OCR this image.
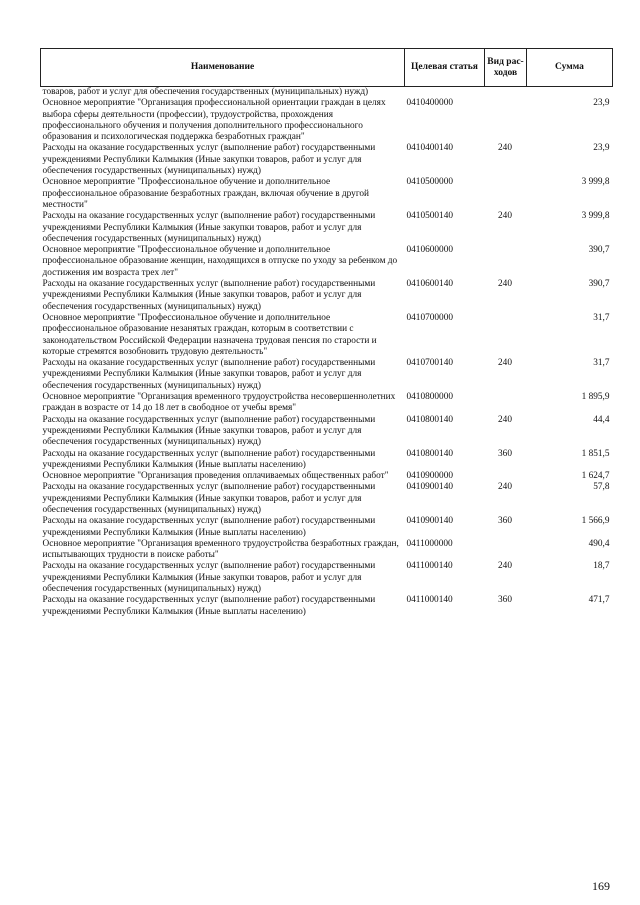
Наименование	Целевая статья	Вид рас-ходов	Сумма
товаров, работ и услуг для обеспечения государственных (муниципальных) нужд)			
Основное мероприятие "Организация профессиональной ориентации граждан в целях выбора сферы деятельности (профессии), трудоустройства, прохождения профессионального обучения и получения дополнительного профессионального образования и психологическая поддержка безработных граждан"	0410400000		23,9
Расходы на оказание государственных услуг (выполнение работ) государственными учреждениями Республики Калмыкия (Иные закупки товаров, работ и услуг для обеспечения государственных (муниципальных) нужд)	0410400140	240	23,9
Основное мероприятие "Профессиональное обучение и дополнительное профессиональное образование безработных граждан, включая обучение в другой местности"	0410500000		3 999,8
Расходы на оказание государственных услуг (выполнение работ) государственными учреждениями Республики Калмыкия (Иные закупки товаров, работ и услуг для обеспечения государственных (муниципальных) нужд)	0410500140	240	3 999,8
Основное мероприятие "Профессиональное обучение и дополнительное профессиональное образование женщин, находящихся в отпуске по уходу за ребенком до достижения им возраста трех лет"	0410600000		390,7
Расходы на оказание государственных услуг (выполнение работ) государственными учреждениями Республики Калмыкия (Иные закупки товаров, работ и услуг для обеспечения государственных (муниципальных) нужд)	0410600140	240	390,7
Основное мероприятие "Профессиональное обучение и дополнительное профессиональное образование незанятых граждан, которым в соответствии с законодательством Российской Федерации назначена трудовая пенсия по старости и которые стремятся возобновить трудовую деятельность"	0410700000		31,7
Расходы на оказание государственных услуг (выполнение работ) государственными учреждениями Республики Калмыкия (Иные закупки товаров, работ и услуг для обеспечения государственных (муниципальных) нужд)	0410700140	240	31,7
Основное мероприятие "Организация временного трудоустройства несовершеннолетних граждан в возрасте от 14 до 18 лет в свободное от учебы время"	0410800000		1 895,9
Расходы на оказание государственных услуг (выполнение работ) государственными учреждениями Республики Калмыкия (Иные закупки товаров, работ и услуг для обеспечения государственных (муниципальных) нужд)	0410800140	240	44,4
Расходы на оказание государственных услуг (выполнение работ) государственными учреждениями Республики Калмыкия (Иные выплаты населению)	0410800140	360	1 851,5
Основное мероприятие "Организация проведения оплачиваемых общественных работ"	0410900000		1 624,7
Расходы на оказание государственных услуг (выполнение работ) государственными учреждениями Республики Калмыкия (Иные закупки товаров, работ и услуг для обеспечения государственных (муниципальных) нужд)	0410900140	240	57,8
Расходы на оказание государственных услуг (выполнение работ) государственными учреждениями Республики Калмыкия (Иные выплаты населению)	0410900140	360	1 566,9
Основное мероприятие "Организация временного трудоустройства безработных граждан, испытывающих трудности в поиске работы"	0411000000		490,4
Расходы на оказание государственных услуг (выполнение работ) государственными учреждениями Республики Калмыкия (Иные закупки товаров, работ и услуг для обеспечения государственных (муниципальных) нужд)	0411000140	240	18,7
Расходы на оказание государственных услуг (выполнение работ) государственными учреждениями Республики Калмыкия (Иные выплаты населению)	0411000140	360	471,7
169
